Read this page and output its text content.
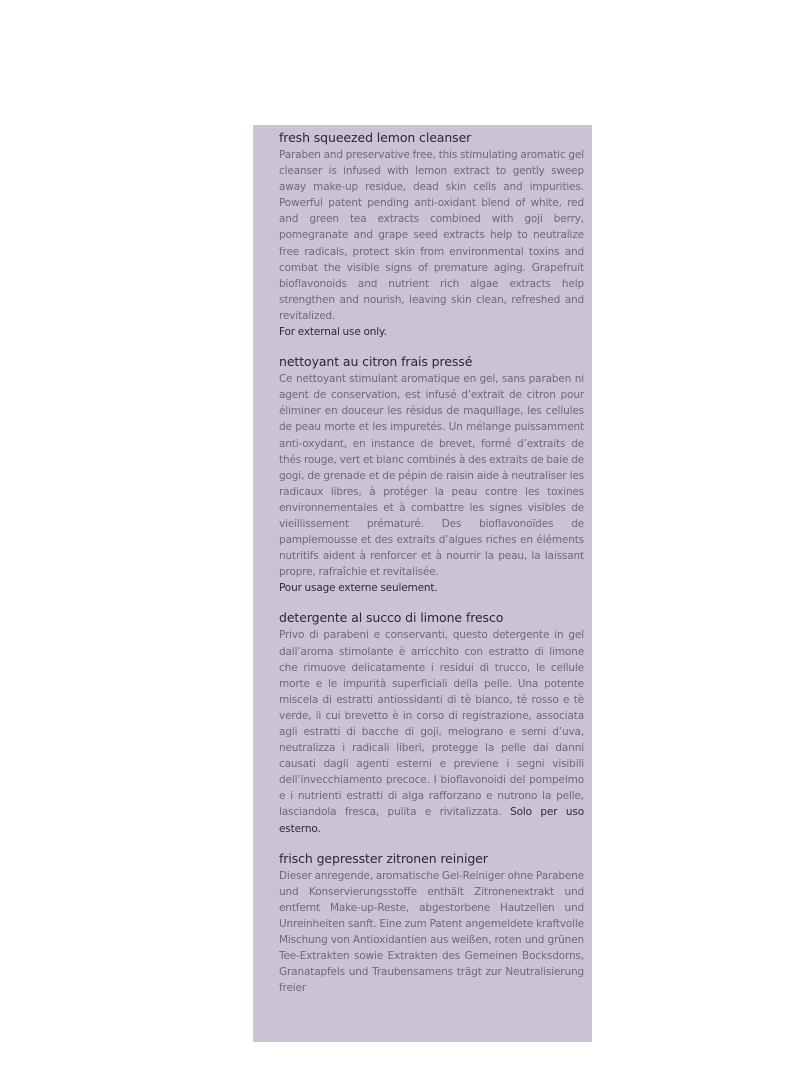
fresh squeezed lemon cleanser

Paraben and preservative free, this stimulating aromatic gel cleanser is infused with lemon extract to gently sweep away make-up residue, dead skin cells and impurities. Powerful patent pending anti-oxidant blend of white, red and green tea extracts combined with goji berry, pomegranate and grape seed extracts help to neutralize free radicals, protect skin from environmental toxins and combat the visible signs of premature aging. Grapefruit bioflavonoids and nutrient rich algae extracts help strengthen and nourish, leaving skin clean, refreshed and revitalized.
For external use only.

nettoyant au citron frais pressé

Ce nettoyant stimulant aromatique en gel, sans paraben ni agent de conservation, est infusé d’extrait de citron pour éliminer en douceur les résidus de maquillage, les cellules de peau morte et les impuretés. Un mélange puissamment anti-oxydant, en instance de brevet, formé d’extraits de thés rouge, vert et blanc combinés à des extraits de baie de gogi, de grenade et de pépin de raisin aide à neutraliser les radicaux libres, à protéger la peau contre les toxines environnementales et à combattre les signes visibles de vieillissement prématuré. Des bioflavonoïdes de pamplemousse et des extraits d’algues riches en éléments nutritifs aident à renforcer et à nourrir la peau, la laissant propre, rafraîchie et revitalisée.
Pour usage externe seulement.

detergente al succo di limone fresco

Privo di parabeni e conservanti, questo detergente in gel dall’aroma stimolante è arricchito con estratto di limone che rimuove delicatamente i residui di trucco, le cellule morte e le impurità superficiali della pelle. Una potente miscela di estratti antiossidanti di tè bianco, tè rosso e tè verde, il cui brevetto è in corso di registrazione, associata agli estratti di bacche di goji, melograno e semi d’uva, neutralizza i radicali liberi, protegge la pelle dai danni causati dagli agenti esterni e previene i segni visibili dell’invecchiamento precoce. I bioflavonoidi del pompelmo e i nutrienti estratti di alga rafforzano e nutrono la pelle, lasciandola fresca, pulita e rivitalizzata. Solo per uso esterno.

frisch gepresster zitronen reiniger

Dieser anregende, aromatische Gel-Reiniger ohne Parabene und Konservierungsstoffe enthält Zitronenextrakt und entfernt Make-up-Reste, abgestorbene Hautzellen und Unreinheiten sanft. Eine zum Patent angemeldete kraftvolle Mischung von Antioxidantien aus weißen, roten und grünen Tee-Extrakten sowie Extrakten des Gemeinen Bocksdorns, Granatapfels und Traubensamens trägt zur Neutralisierung freier
